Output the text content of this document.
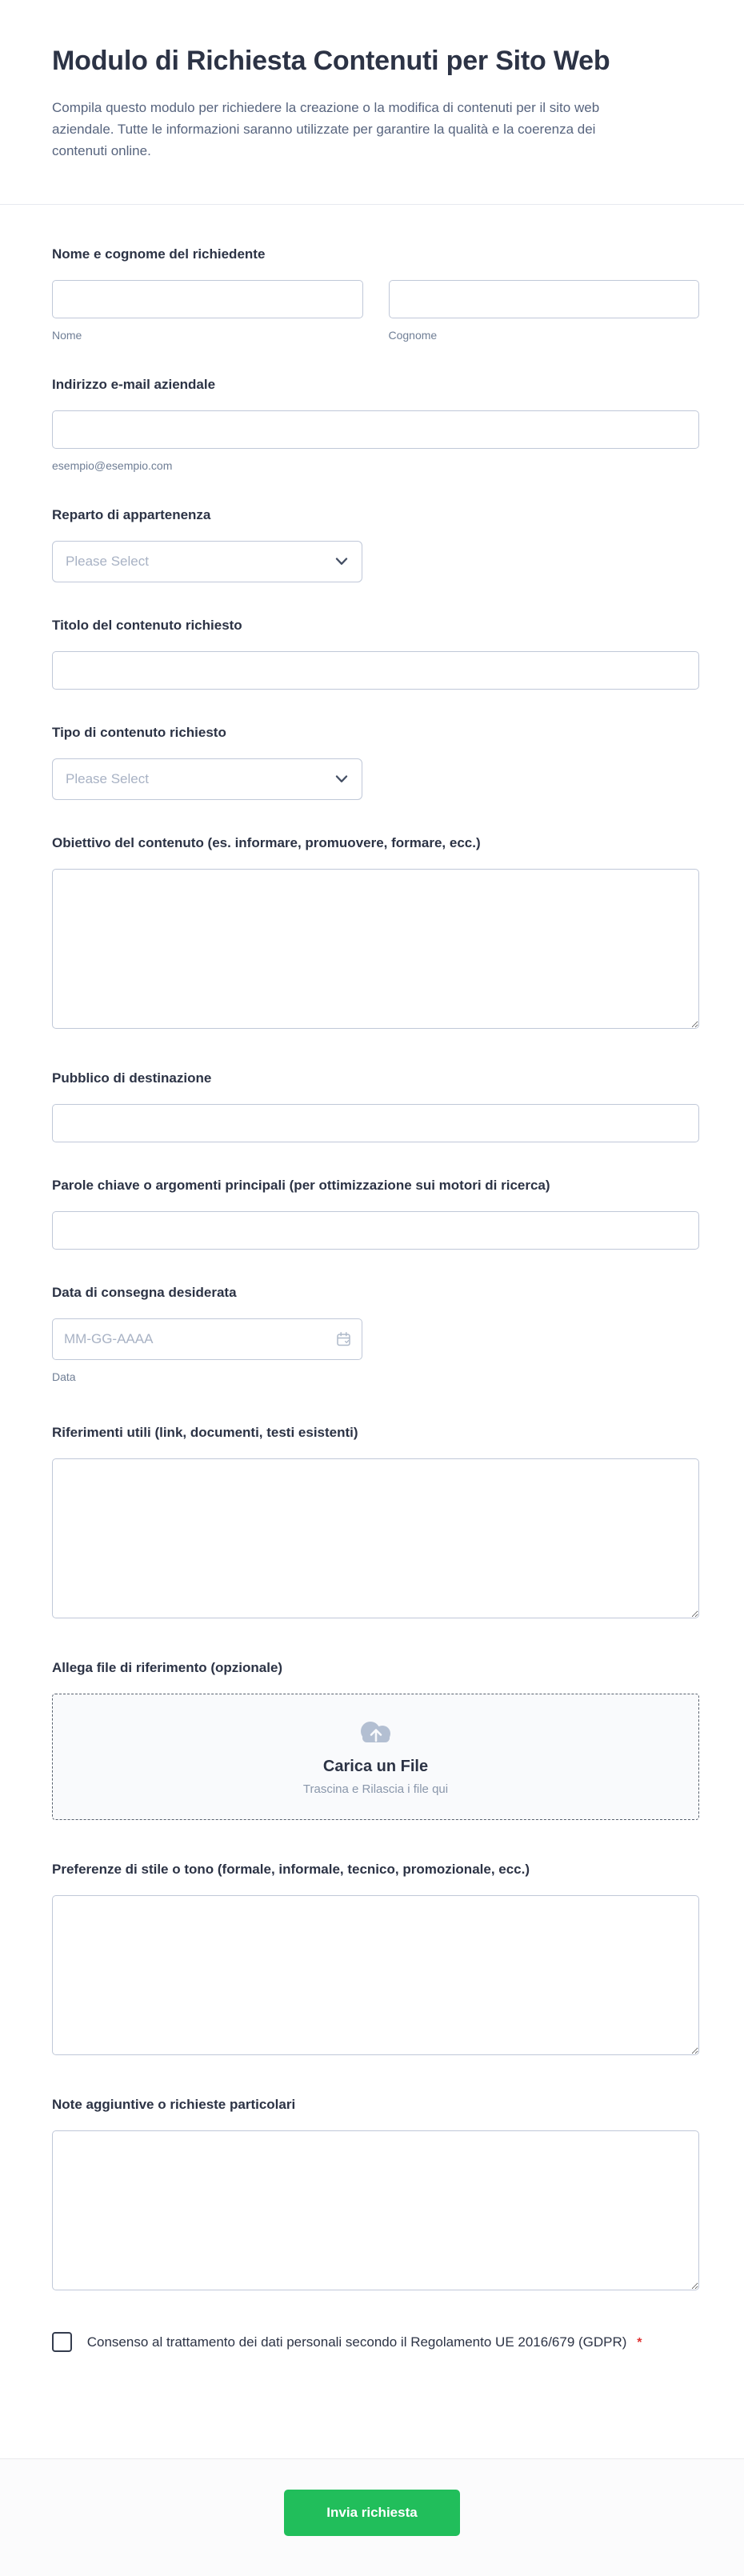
Modulo di Richiesta Contenuti per Sito Web

Compila questo modulo per richiedere la creazione o la modifica di contenuti per il sito web aziendale. Tutte le informazioni saranno utilizzate per garantire la qualità e la coerenza dei contenuti online.

Nome e cognome del richiedente
Nome	Cognome
Indirizzo e-mail aziendale
esempio@esempio.com
Reparto di appartenenza
Please Select
Titolo del contenuto richiesto
Tipo di contenuto richiesto
Please Select
Obiettivo del contenuto (es. informare, promuovere, formare, ecc.)
Pubblico di destinazione
Parole chiave o argomenti principali (per ottimizzazione sui motori di ricerca)
Data di consegna desiderata
MM-GG-AAAA
Data
Riferimenti utili (link, documenti, testi esistenti)
Allega file di riferimento (opzionale)
Carica un File
Trascina e Rilascia i file qui
Preferenze di stile o tono (formale, informale, tecnico, promozionale, ecc.)
Note aggiuntive o richieste particolari
Consenso al trattamento dei dati personali secondo il Regolamento UE 2016/679 (GDPR) *
Invia richiesta
